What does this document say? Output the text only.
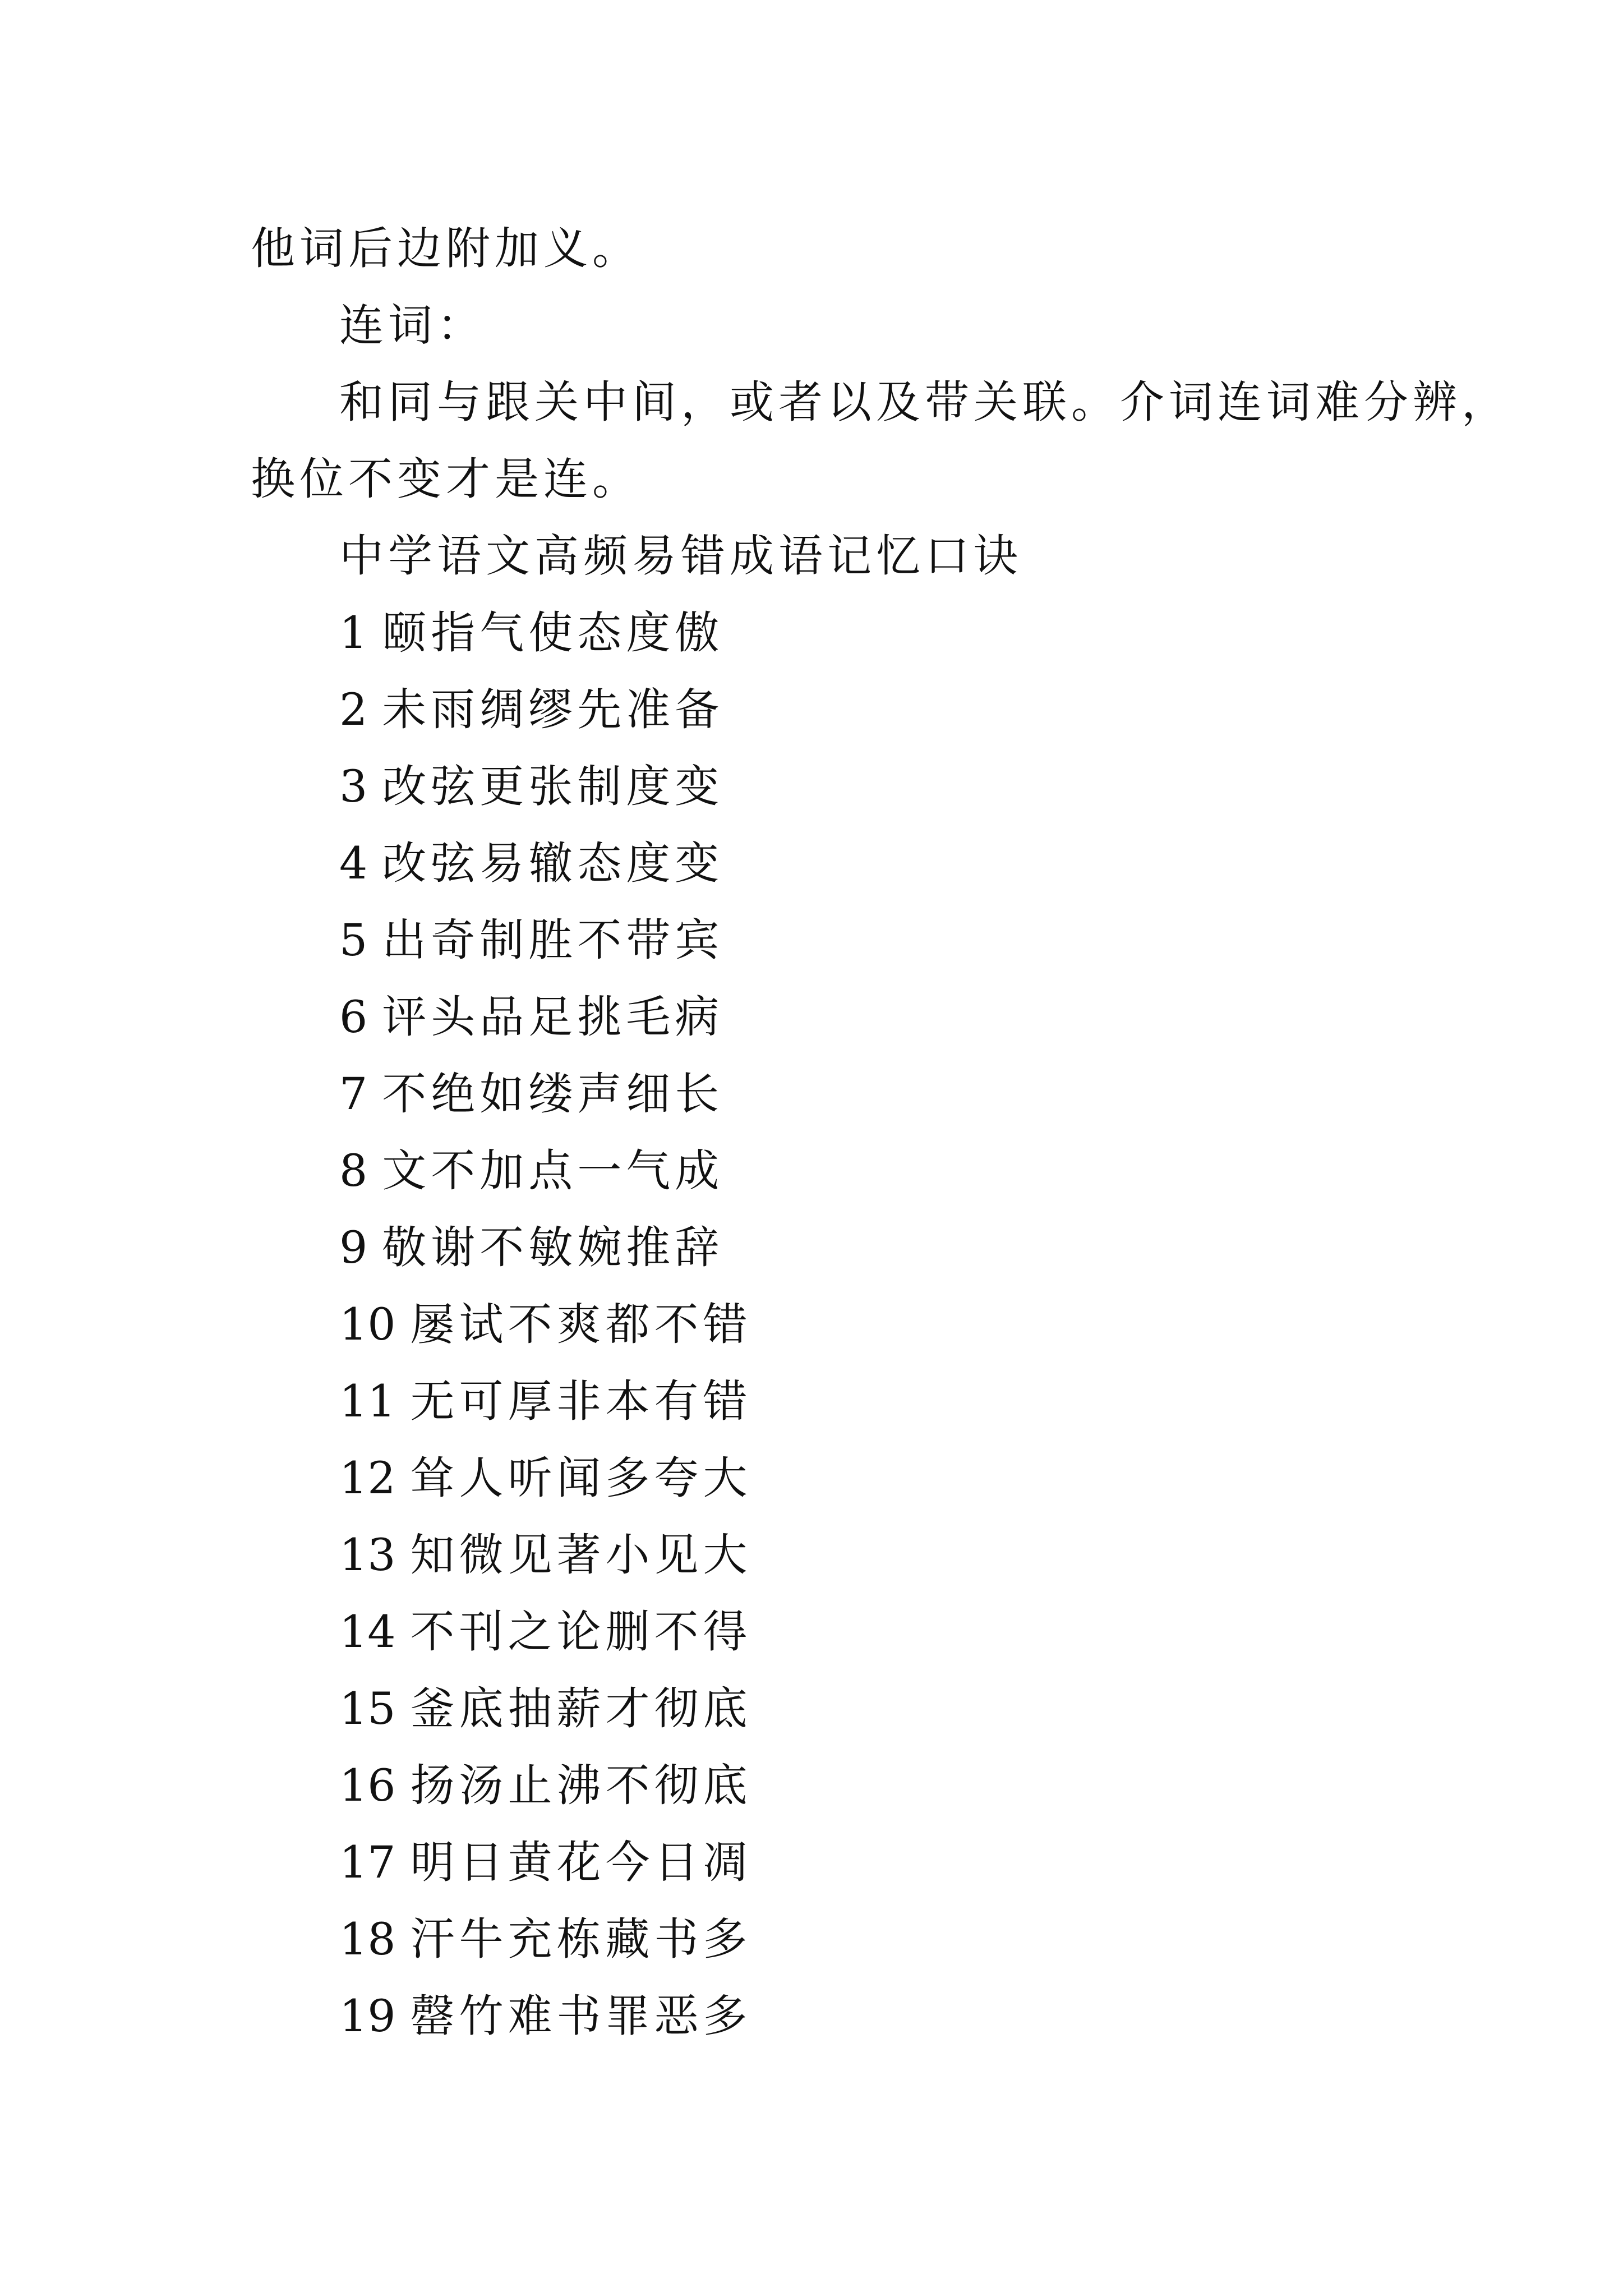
他词后边附加义。
连词：
和同与跟关中间，或者以及带关联。介词连词难分辨，
换位不变才是连。
中学语文高频易错成语记忆口诀
1 颐指气使态度傲
2 未雨绸缪先准备
3 改弦更张制度变
4 改弦易辙态度变
5 出奇制胜不带宾
6 评头品足挑毛病
7 不绝如缕声细长
8 文不加点一气成
9 敬谢不敏婉推辞
10 屡试不爽都不错
11 无可厚非本有错
12 耸人听闻多夸大
13 知微见著小见大
14 不刊之论删不得
15 釜底抽薪才彻底
16 扬汤止沸不彻底
17 明日黄花今日凋
18 汗牛充栋藏书多
19 罄竹难书罪恶多
